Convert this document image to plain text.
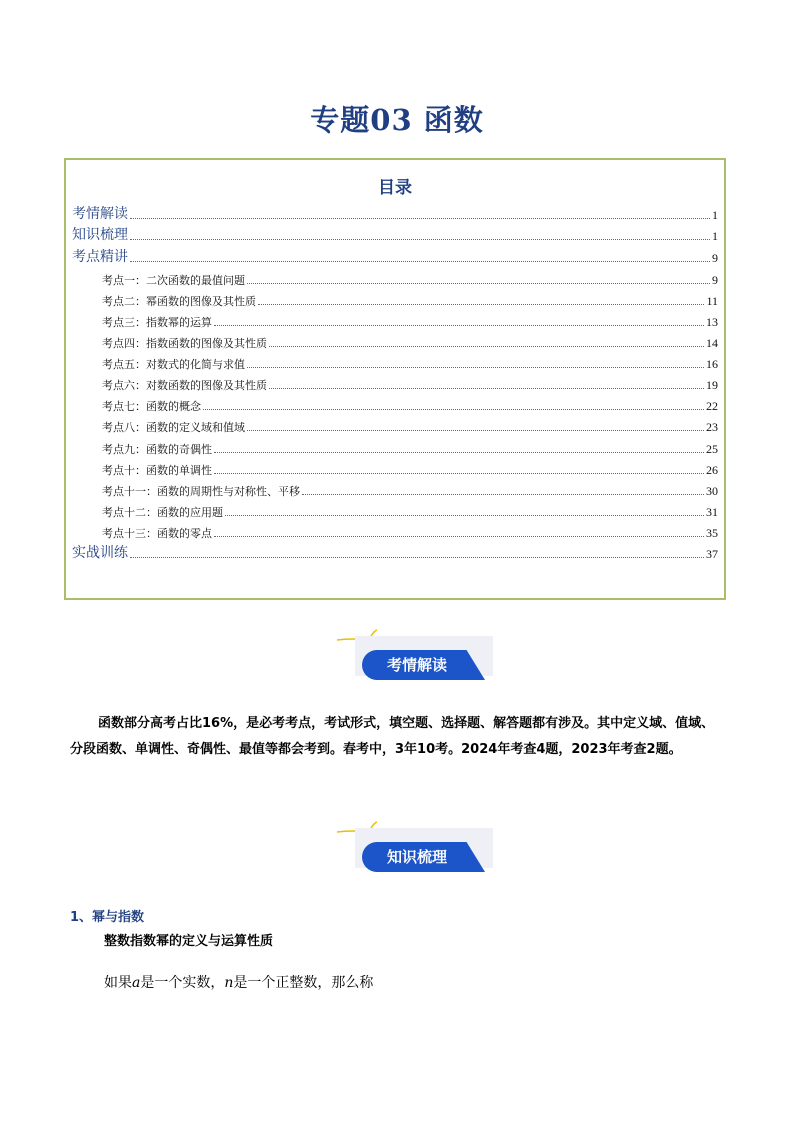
专题03 函数
目录
考情解读	1
知识梳理	1
考点精讲	9
考点一：二次函数的最值问题	9
考点二：幂函数的图像及其性质	11
考点三：指数幂的运算	13
考点四：指数函数的图像及其性质	14
考点五：对数式的化简与求值	16
考点六：对数函数的图像及其性质	19
考点七：函数的概念	22
考点八：函数的定义域和值域	23
考点九：函数的奇偶性	25
考点十：函数的单调性	26
考点十一：函数的周期性与对称性、平移	30
考点十二：函数的应用题	31
考点十三：函数的零点	35
实战训练	37
考情解读
函数部分高考占比16%，是必考考点，考试形式，填空题、选择题、解答题都有涉及。其中定义域、值域、分段函数、单调性、奇偶性、最值等都会考到。春考中，3年10考。2024年考查4题，2023年考查2题。
知识梳理
1、幂与指数
整数指数幂的定义与运算性质
如果a是一个实数，n是一个正整数，那么称
